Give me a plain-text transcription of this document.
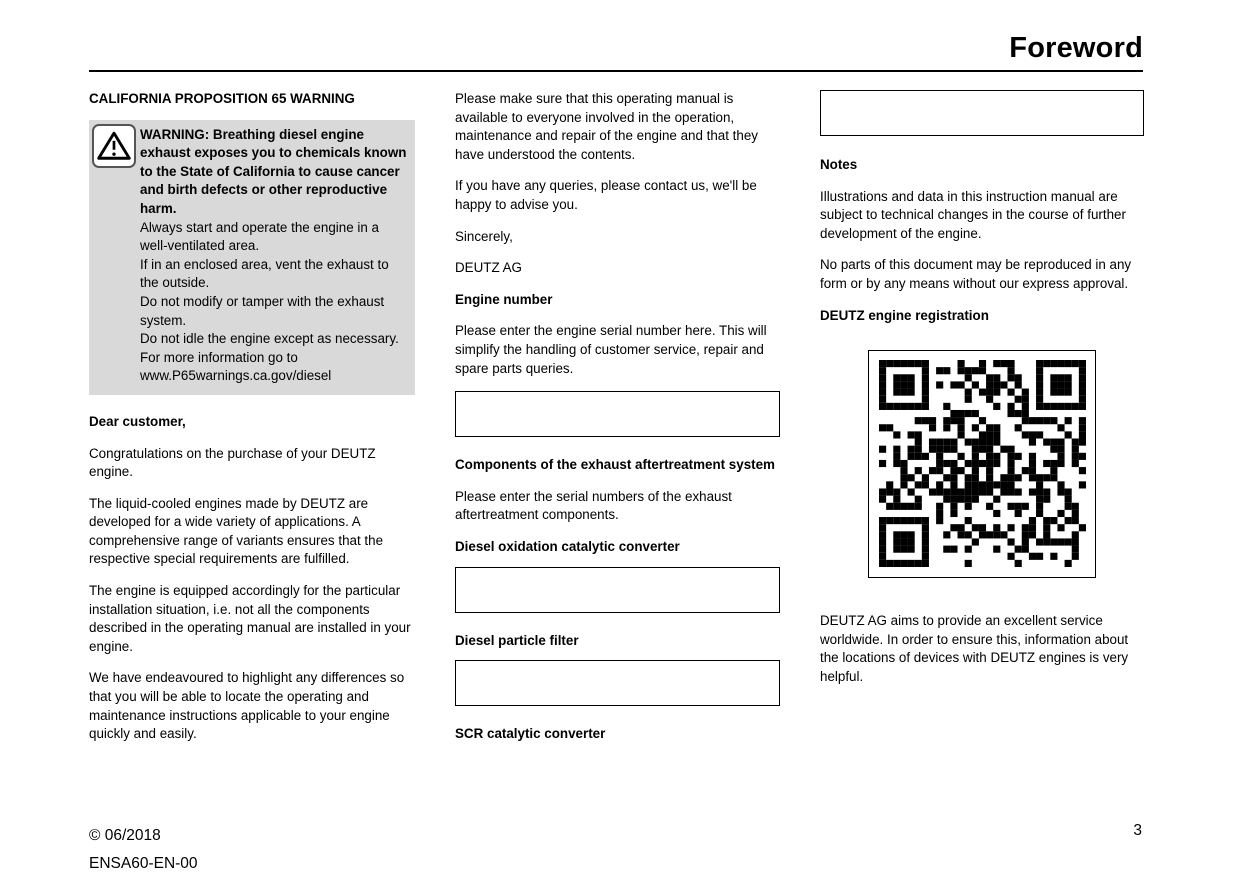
Foreword
CALIFORNIA PROPOSITION 65 WARNING
WARNING: Breathing diesel engine exhaust exposes you to chemicals known to the State of California to cause cancer and birth defects or other reproductive harm.
Always start and operate the engine in a well-ventilated area.
If in an enclosed area, vent the exhaust to the outside.
Do not modify or tamper with the exhaust system.
Do not idle the engine except as necessary.
For more information go to www.P65warnings.ca.gov/diesel
Dear customer,

Congratulations on the purchase of your DEUTZ engine.

The liquid-cooled engines made by DEUTZ are developed for a wide variety of applications. A comprehensive range of variants ensures that the respective special requirements are fulfilled.

The engine is equipped accordingly for the particular installation situation, i.e. not all the components described in the operating manual are installed in your engine.

We have endeavoured to highlight any differences so that you will be able to locate the operating and maintenance instructions applicable to your engine quickly and easily.

Please make sure that this operating manual is available to everyone involved in the operation, maintenance and repair of the engine and that they have understood the contents.

If you have any queries, please contact us, we'll be happy to advise you.

Sincerely,

DEUTZ AG

Engine number

Please enter the engine serial number here. This will simplify the handling of customer service, repair and spare parts queries.

Components of the exhaust aftertreatment system

Please enter the serial numbers of the exhaust aftertreatment components.

Diesel oxidation catalytic converter
Diesel particle filter
SCR catalytic converter
Notes

Illustrations and data in this instruction manual are subject to technical changes in the course of further development of the engine.

No parts of this document may be reproduced in any form or by any means without our express approval.

DEUTZ engine registration

DEUTZ AG aims to provide an excellent service worldwide. In order to ensure this, information about the locations of devices with DEUTZ engines is very helpful.

© 06/2018
ENSA60-EN-00
3
